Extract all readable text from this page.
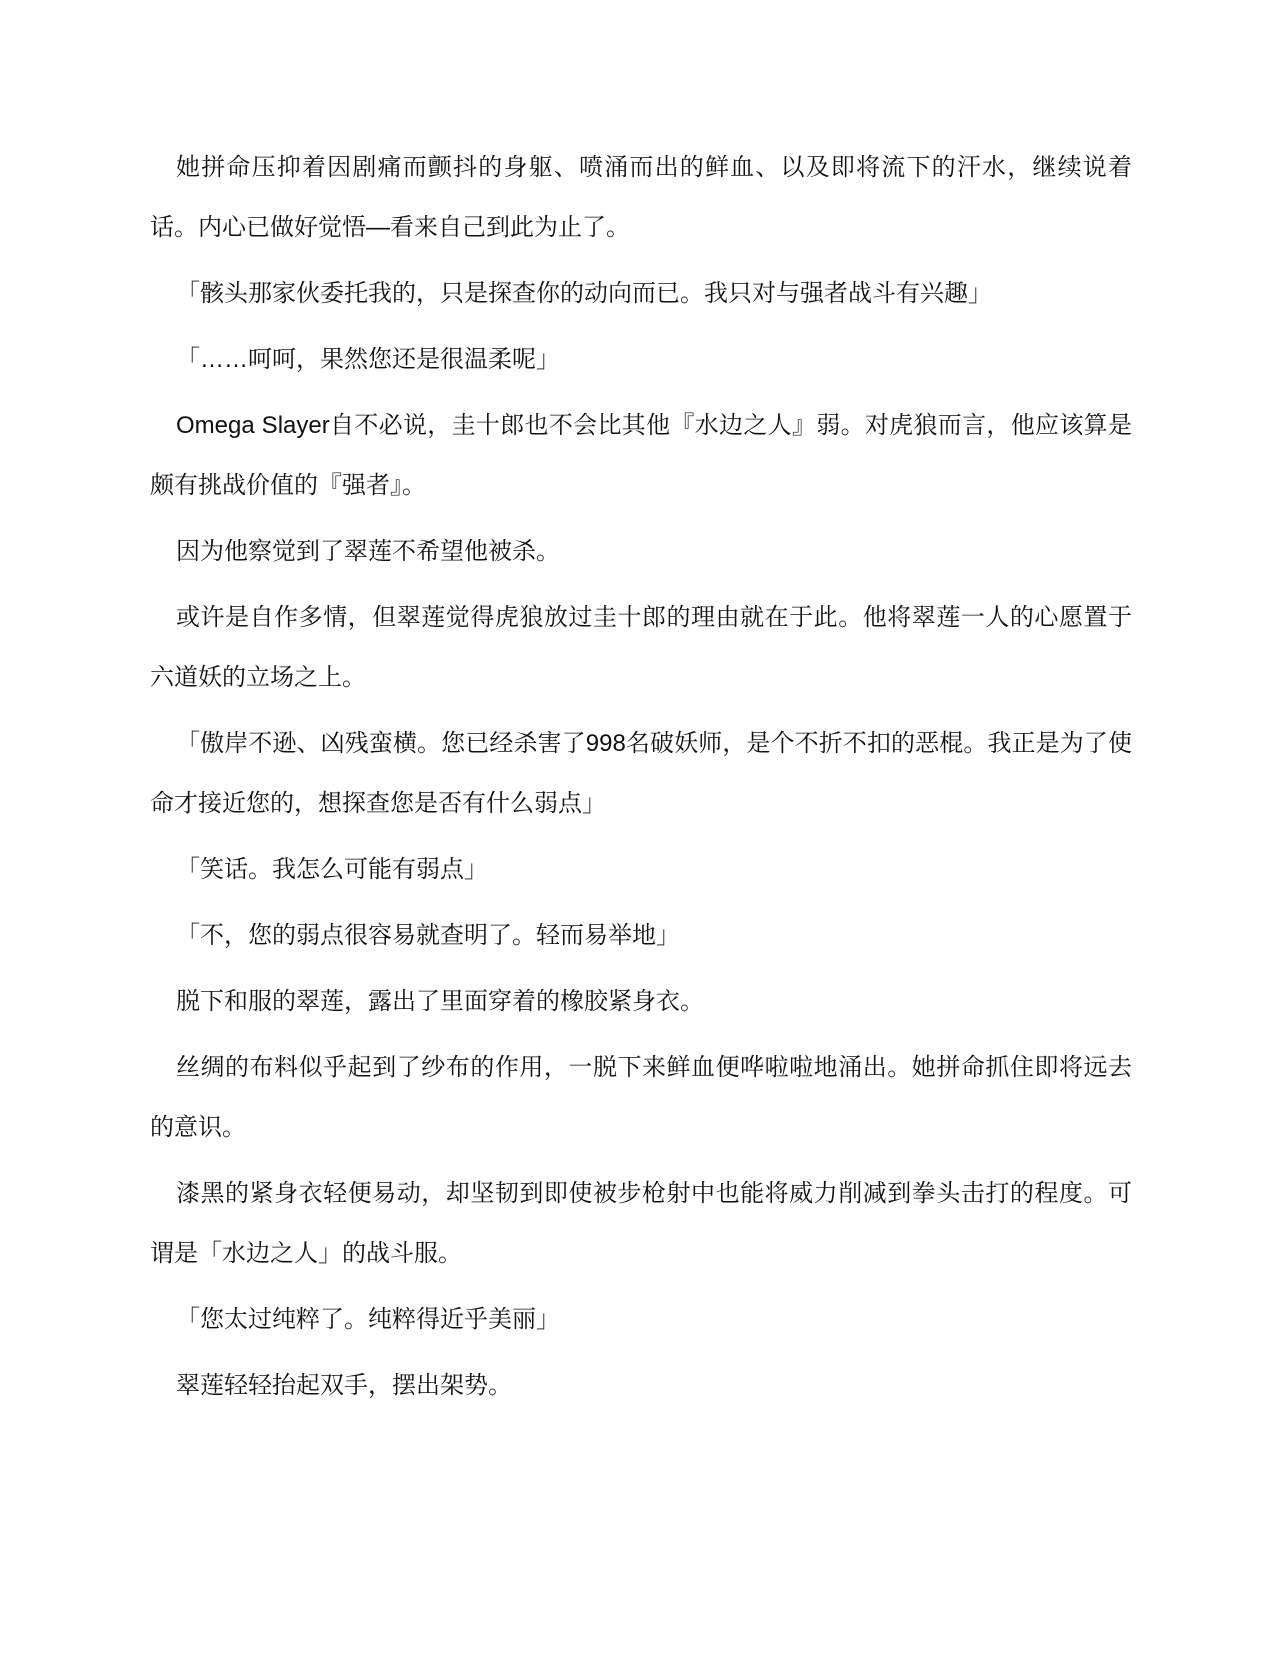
她拼命压抑着因剧痛而颤抖的身躯、喷涌而出的鲜血、以及即将流下的汗水，继续说着话。内心已做好觉悟—看来自己到此为止了。

「骸头那家伙委托我的，只是探查你的动向而已。我只对与强者战斗有兴趣」

「……呵呵，果然您还是很温柔呢」

Omega Slayer自不必说，圭十郎也不会比其他『水边之人』弱。对虎狼而言，他应该算是颇有挑战价值的『强者』。

因为他察觉到了翠莲不希望他被杀。

或许是自作多情，但翠莲觉得虎狼放过圭十郎的理由就在于此。他将翠莲一人的心愿置于六道妖的立场之上。

「傲岸不逊、凶残蛮横。您已经杀害了998名破妖师，是个不折不扣的恶棍。我正是为了使命才接近您的，想探查您是否有什么弱点」

「笑话。我怎么可能有弱点」

「不，您的弱点很容易就查明了。轻而易举地」

脱下和服的翠莲，露出了里面穿着的橡胶紧身衣。

丝绸的布料似乎起到了纱布的作用，一脱下来鲜血便哗啦啦地涌出。她拼命抓住即将远去的意识。

漆黑的紧身衣轻便易动，却坚韧到即使被步枪射中也能将威力削减到拳头击打的程度。可谓是「水边之人」的战斗服。

「您太过纯粹了。纯粹得近乎美丽」

翠莲轻轻抬起双手，摆出架势。
